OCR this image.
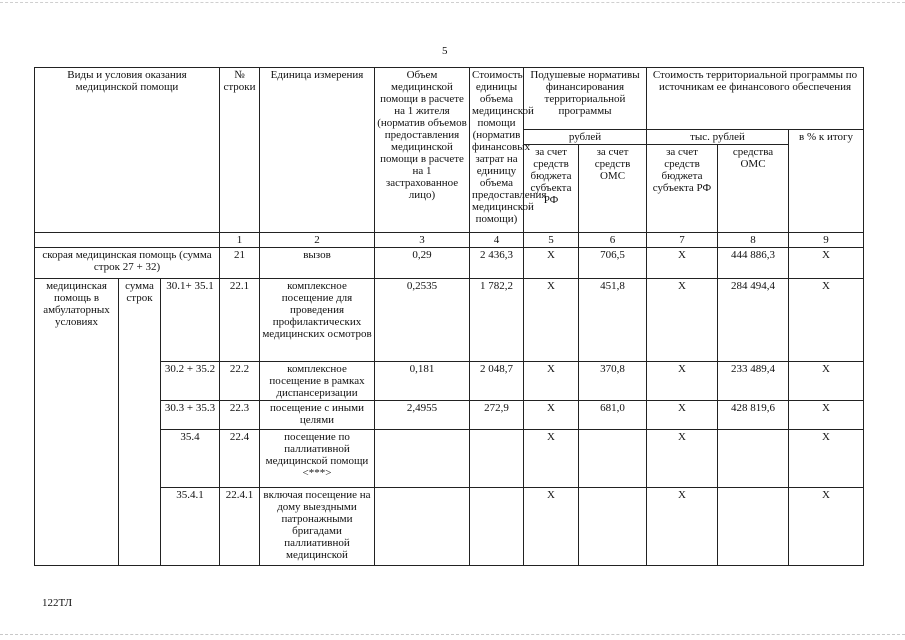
5
Виды и условия оказания медицинской помощи			№ строки	Единица измерения	Объем медицинской помощи в расчете на 1 жителя (норматив объемов предоставления медицинской помощи в расчете на 1 застрахованное лицо)	Стоимость единицы объема медицинской помощи (норматив финансовых затрат на единицу объема предоставления медицинской помощи)	Подушевые нормативы финансирования территориальной программы		Стоимость территориальной программы по источникам ее финансового обеспечения		
							рублей		тыс. рублей		в % к итогу
							за счет средств бюджета субъекта РФ	за счет средств ОМС	за счет средств бюджета субъекта РФ	средства ОМС	
			1	2	3	4	5	6	7	8	9
скорая медицинская помощь (сумма строк 27 + 32)			21	вызов	0,29	2 436,3	Х	706,5	Х	444 886,3	Х
медицинская помощь в амбулаторных условиях	сумма строк	30.1+ 35.1	22.1	комплексное посещение для проведения профилактических медицинских осмотров	0,2535	1 782,2	Х	451,8	Х	284 494,4	Х
		30.2 + 35.2	22.2	комплексное посещение в рамках диспансеризации	0,181	2 048,7	Х	370,8	Х	233 489,4	Х
		30.3 + 35.3	22.3	посещение с иными целями	2,4955	272,9	Х	681,0	Х	428 819,6	Х
		35.4	22.4	посещение по паллиативной медицинской помощи <***>			Х		Х		Х
		35.4.1	22.4.1	включая посещение на дому выездными патронажными бригадами паллиативной медицинской			Х		Х		Х
122ТЛ
